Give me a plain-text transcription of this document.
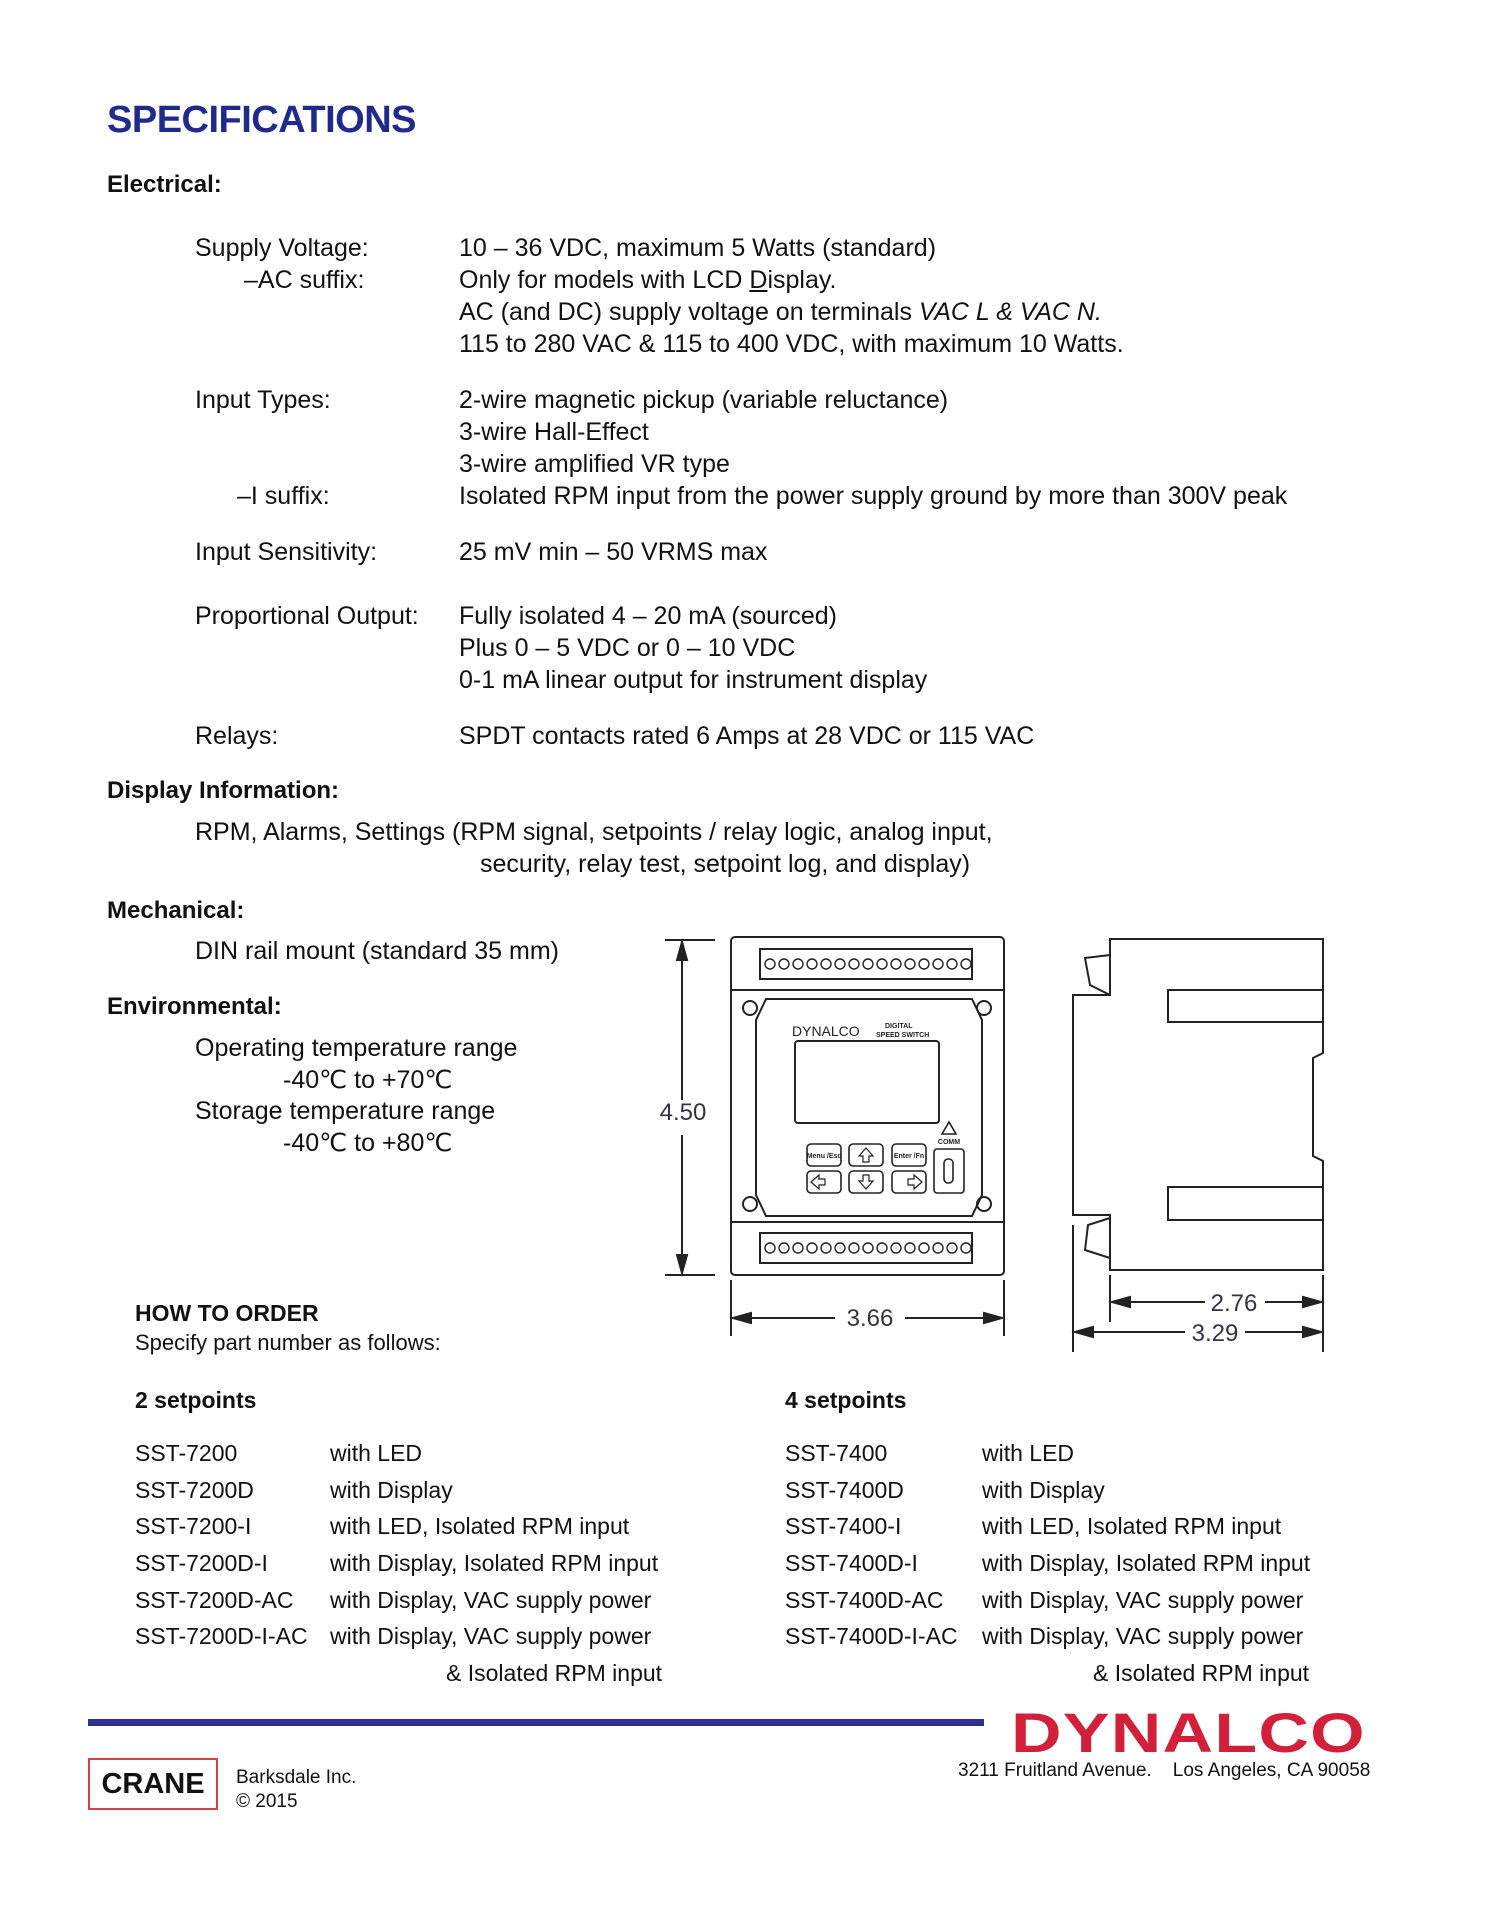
SPECIFICATIONS
Electrical:
Supply Voltage:	10 – 36 VDC, maximum 5 Watts (standard)
–AC suffix:	Only for models with LCD Display.
AC (and DC) supply voltage on terminals VAC L & VAC N.
115 to 280 VAC & 115 to 400 VDC, with maximum 10 Watts.
Input Types:	2-wire magnetic pickup (variable reluctance)
3-wire Hall-Effect
3-wire amplified VR type
–I suffix:	Isolated RPM input from the power supply ground by more than 300V peak
Input Sensitivity:	25 mV min – 50 VRMS max
Proportional Output: Fully isolated 4 – 20 mA (sourced)
Plus 0 – 5 VDC or 0 – 10 VDC
0-1 mA linear output for instrument display
Relays:	SPDT contacts rated 6 Amps at 28 VDC or 115 VAC
Display Information:
RPM, Alarms, Settings (RPM signal, setpoints / relay logic, analog input,
security, relay test, setpoint log, and display)
Mechanical:
DIN rail mount (standard 35 mm)
Environmental:
Operating temperature range
-40℃ to +70℃
Storage temperature range
-40℃ to +80℃
4.50
DYNALCO	DIGITAL
SPEED SWITCH
Menu /Esc	Enter /Fn
COMM
3.66
2.76
3.29
HOW TO ORDER
Specify part number as follows:
2 setpoints
SST-7200	with LED
SST-7200D	with Display
SST-7200-I	with LED, Isolated RPM input
SST-7200D-I	with Display, Isolated RPM input
SST-7200D-AC with Display, VAC supply power
SST-7200D-I-AC with Display, VAC supply power
& Isolated RPM input
4 setpoints
SST-7400	with LED
SST-7400D	with Display
SST-7400-I	with LED, Isolated RPM input
SST-7400D-I	with Display, Isolated RPM input
SST-7400D-AC with Display, VAC supply power
SST-7400D-I-AC with Display, VAC supply power
& Isolated RPM input
DYNALCO
3211 Fruitland Avenue.    Los Angeles, CA 90058
CRANE Barksdale Inc.
© 2015
